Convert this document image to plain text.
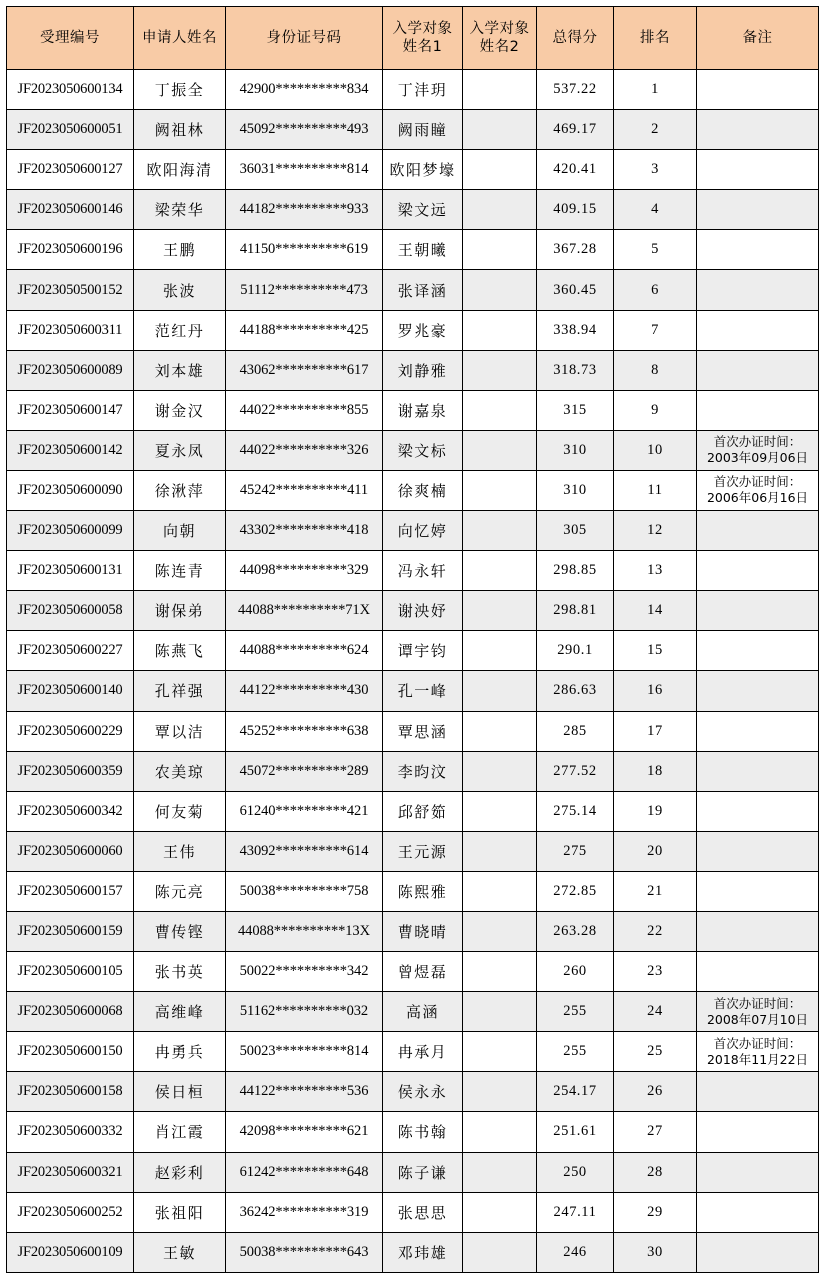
受理编号	申请人姓名	身份证号码	入学对象
姓名1	入学对象
姓名2	总得分	排名	备注

JF2023050600134	丁振全	42900**********834	丁沣玥		537.22	1	

JF2023050600051	阙祖林	45092**********493	阙雨瞳		469.17	2	

JF2023050600127	欧阳海清	36031**********814	欧阳梦壕		420.41	3	

JF2023050600146	梁荣华	44182**********933	梁文远		409.15	4	

JF2023050600196	王鹏	41150**********619	王朝曦		367.28	5	

JF2023050500152	张波	51112**********473	张译涵		360.45	6	

JF2023050600311	范红丹	44188**********425	罗兆豪		338.94	7	

JF2023050600089	刘本雄	43062**********617	刘静雅		318.73	8	

JF2023050600147	谢金汉	44022**********855	谢嘉泉		315	9	

JF2023050600142	夏永凤	44022**********326	梁文标		310	10	首次办证时间：
2003年09月06日

JF2023050600090	徐湫萍	45242**********411	徐爽楠		310	11	首次办证时间：
2006年06月16日

JF2023050600099	向朝	43302**********418	向忆婷		305	12	

JF2023050600131	陈连青	44098**********329	冯永轩		298.85	13	

JF2023050600058	谢保弟	44088**********71X	谢泱妤		298.81	14	

JF2023050600227	陈燕飞	44088**********624	谭宇钧		290.1	15	

JF2023050600140	孔祥强	44122**********430	孔一峰		286.63	16	

JF2023050600229	覃以洁	45252**********638	覃思涵		285	17	

JF2023050600359	农美琼	45072**********289	李昀汶		277.52	18	

JF2023050600342	何友菊	61240**********421	邱舒筎		275.14	19	

JF2023050600060	王伟	43092**********614	王元源		275	20	

JF2023050600157	陈元亮	50038**********758	陈熙雅		272.85	21	

JF2023050600159	曹传铿	44088**********13X	曹晓晴		263.28	22	

JF2023050600105	张书英	50022**********342	曾煜磊		260	23	

JF2023050600068	高维峰	51162**********032	高涵		255	24	首次办证时间：
2008年07月10日

JF2023050600150	冉勇兵	50023**********814	冉承月		255	25	首次办证时间：
2018年11月22日

JF2023050600158	侯日桓	44122**********536	侯永永		254.17	26	

JF2023050600332	肖江霞	42098**********621	陈书翰		251.61	27	

JF2023050600321	赵彩利	61242**********648	陈子谦		250	28	

JF2023050600252	张祖阳	36242**********319	张思思		247.11	29	

JF2023050600109	王敏	50038**********643	邓玮雄		246	30	
